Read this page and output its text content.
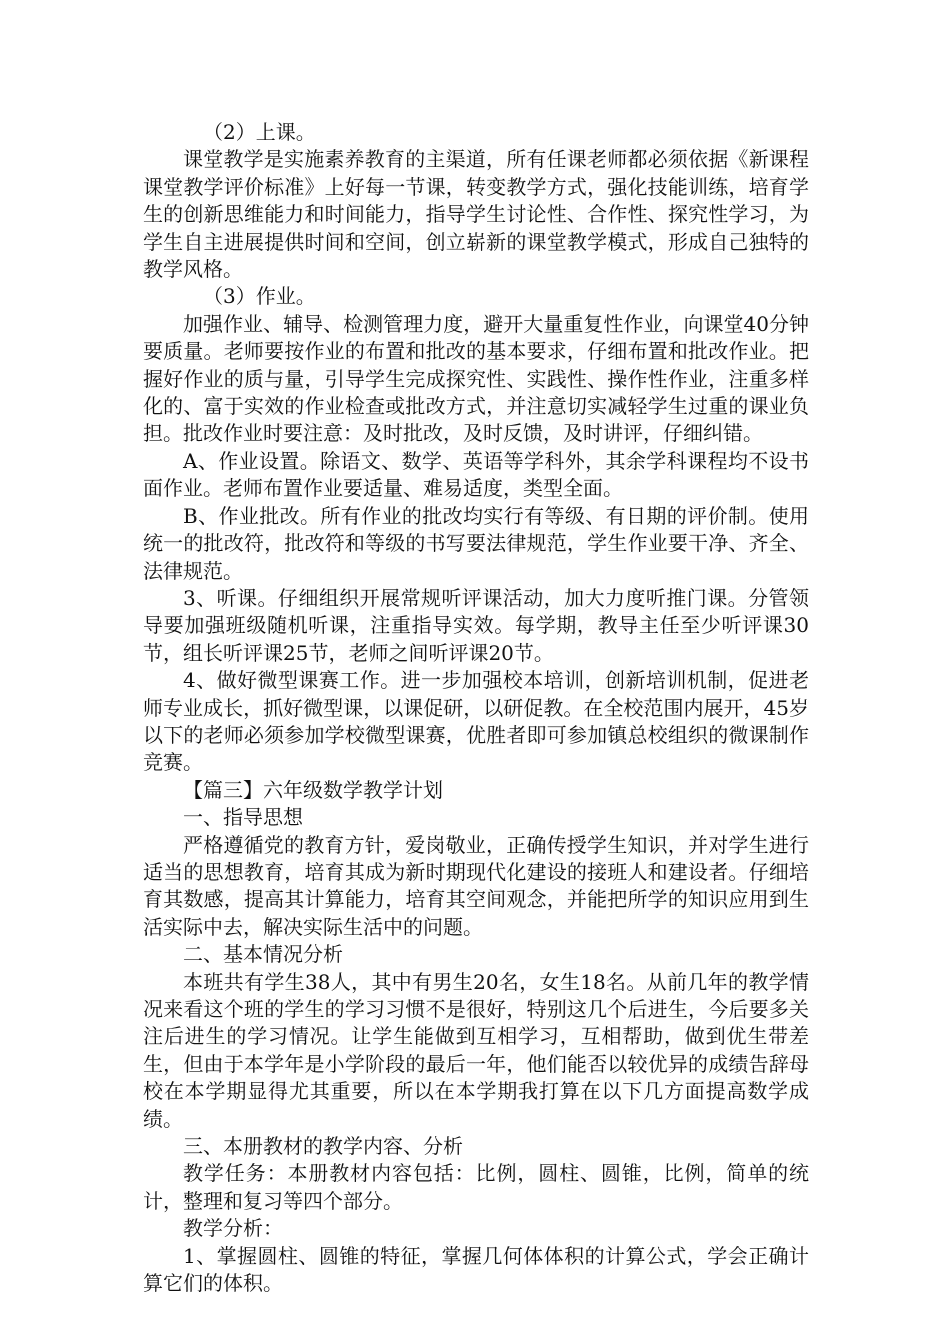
（2）上课。

课堂教学是实施素养教育的主渠道，所有任课老师都必须依据《新课程课堂教学评价标准》上好每一节课，转变教学方式，强化技能训练，培育学生的创新思维能力和时间能力，指导学生讨论性、合作性、探究性学习，为学生自主进展提供时间和空间，创立崭新的课堂教学模式，形成自己独特的教学风格。

（3）作业。

加强作业、辅导、检测管理力度，避开大量重复性作业，向课堂40分钟要质量。老师要按作业的布置和批改的基本要求，仔细布置和批改作业。把握好作业的质与量，引导学生完成探究性、实践性、操作性作业，注重多样化的、富于实效的作业检查或批改方式，并注意切实减轻学生过重的课业负担。批改作业时要注意：及时批改，及时反馈，及时讲评，仔细纠错。

A、作业设置。除语文、数学、英语等学科外，其余学科课程均不设书面作业。老师布置作业要适量、难易适度，类型全面。

B、作业批改。所有作业的批改均实行有等级、有日期的评价制。使用统一的批改符，批改符和等级的书写要法律规范，学生作业要干净、齐全、法律规范。

3、听课。仔细组织开展常规听评课活动，加大力度听推门课。分管领导要加强班级随机听课，注重指导实效。每学期，教导主任至少听评课30节，组长听评课25节，老师之间听评课20节。

4、做好微型课赛工作。进一步加强校本培训，创新培训机制，促进老师专业成长，抓好微型课，以课促研，以研促教。在全校范围内展开，45岁以下的老师必须参加学校微型课赛，优胜者即可参加镇总校组织的微课制作竞赛。

【篇三】六年级数学教学计划

一、指导思想

严格遵循党的教育方针，爱岗敬业，正确传授学生知识，并对学生进行适当的思想教育，培育其成为新时期现代化建设的接班人和建设者。仔细培育其数感，提高其计算能力，培育其空间观念，并能把所学的知识应用到生活实际中去，解决实际生活中的问题。

二、基本情况分析

本班共有学生38人，其中有男生20名，女生18名。从前几年的教学情况来看这个班的学生的学习习惯不是很好，特别这几个后进生，今后要多关注后进生的学习情况。让学生能做到互相学习，互相帮助，做到优生带差生，但由于本学年是小学阶段的最后一年，他们能否以较优异的成绩告辞母校在本学期显得尤其重要，所以在本学期我打算在以下几方面提高数学成绩。

三、本册教材的教学内容、分析

教学任务：本册教材内容包括：比例，圆柱、圆锥，比例，简单的统计，整理和复习等四个部分。

教学分析：

1、掌握圆柱、圆锥的特征，掌握几何体体积的计算公式，学会正确计算它们的体积。
